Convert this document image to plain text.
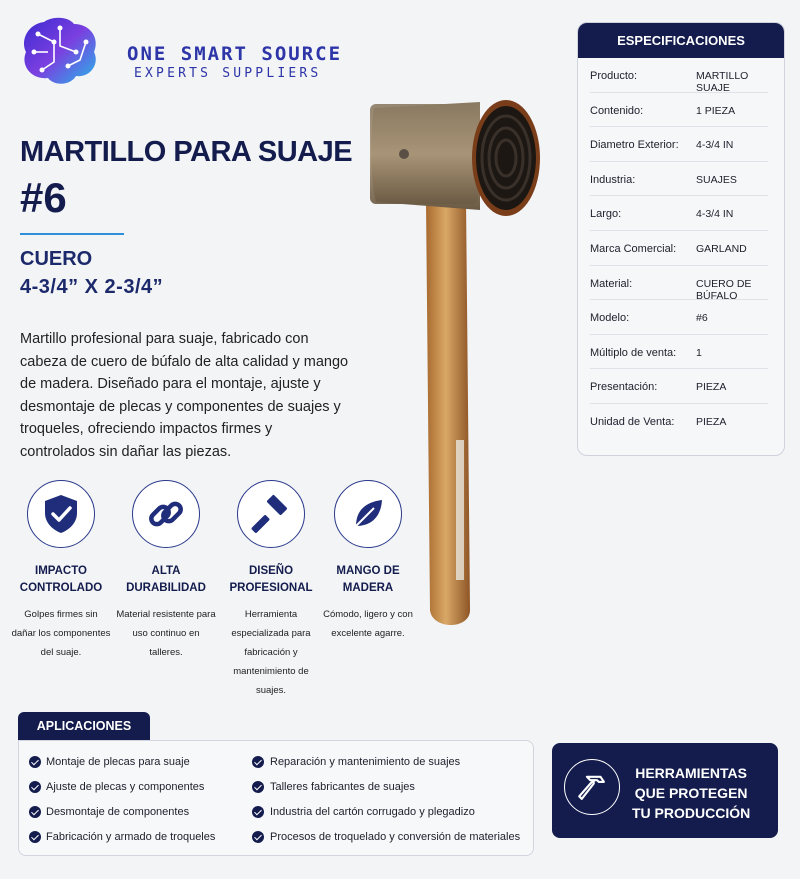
ONE SMART SOURCE
EXPERTS SUPPLIERS
MARTILLO PARA SUAJE
#6
CUERO
4-3/4” X 2-3/4”
Martillo profesional para suaje, fabricado con cabeza de cuero de búfalo de alta calidad y mango de madera. Diseñado para el montaje, ajuste y desmontaje de plecas y componentes de suajes y troqueles, ofreciendo impactos firmes y controlados sin dañar las piezas.
IMPACTO CONTROLADO
Golpes firmes sin dañar los componentes del suaje.
ALTA DURABILIDAD
Material resistente para uso continuo en talleres.
DISEÑO PROFESIONAL
Herramienta especializada para fabricación y mantenimiento de suajes.
MANGO DE MADERA
Cómodo, ligero y con excelente agarre.
ESPECIFICACIONES
Producto:	MARTILLO SUAJE
Contenido:	1 PIEZA
Diametro Exterior: 4-3/4 IN
Industria:	SUAJES
Largo:	4-3/4 IN
Marca Comercial: GARLAND
Material:	CUERO DE BÚFALO
Modelo:	#6
Múltiplo de venta: 1
Presentación:	PIEZA
Unidad de Venta: PIEZA
APLICACIONES
Montaje de plecas para suaje
Ajuste de plecas y componentes
Desmontaje de componentes
Fabricación y armado de troqueles
Reparación y mantenimiento de suajes
Talleres fabricantes de suajes
Industria del cartón corrugado y plegadizo
Procesos de troquelado y conversión de materiales
HERRAMIENTAS
QUE PROTEGEN
TU PRODUCCIÓN
